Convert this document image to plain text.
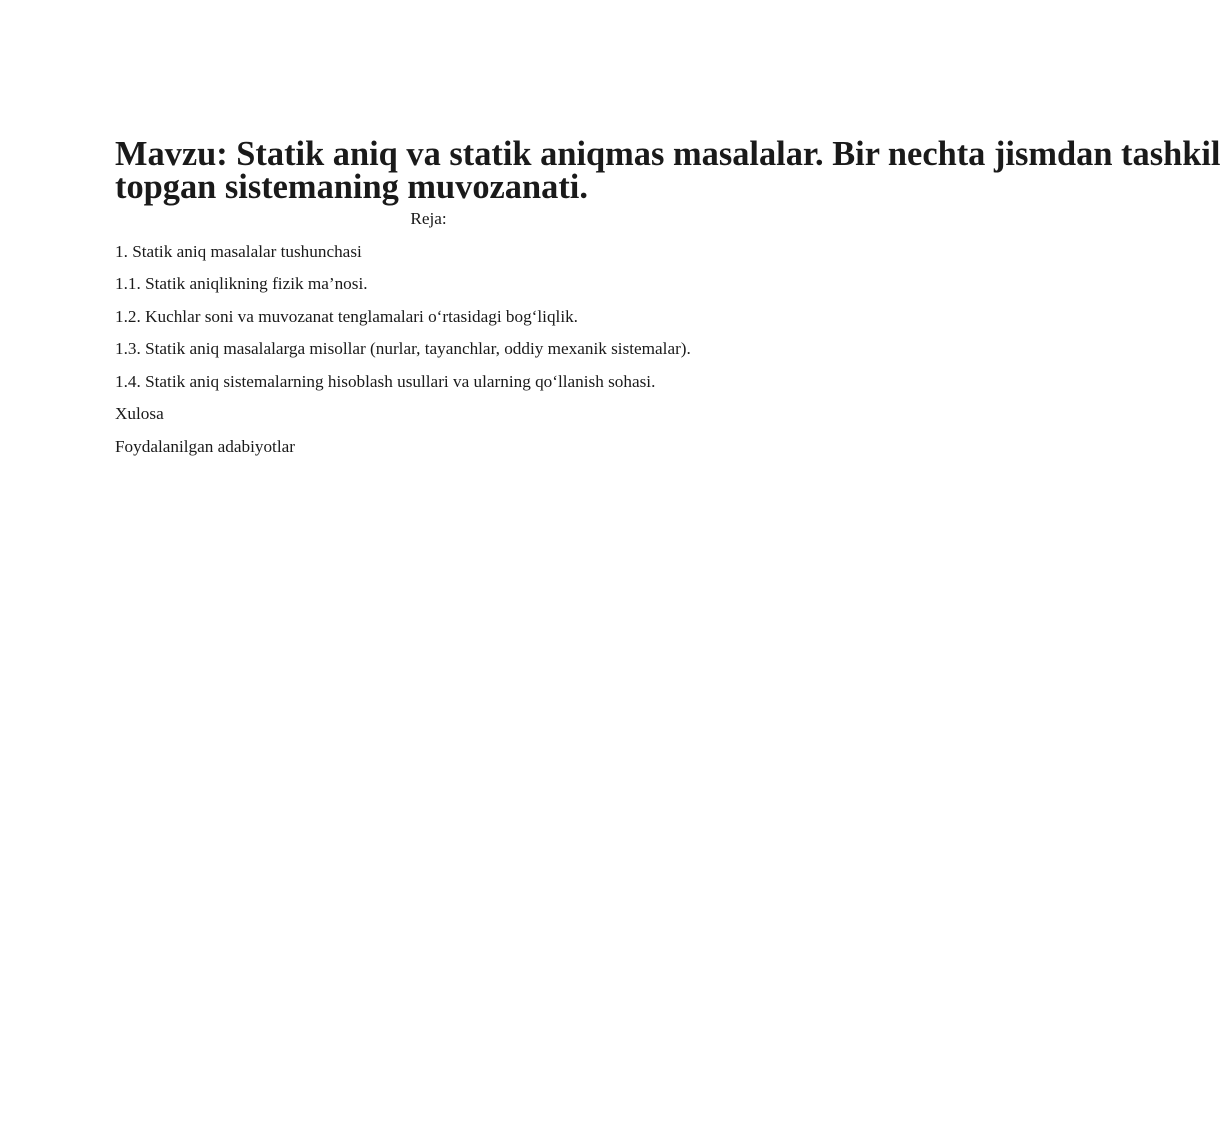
Mavzu: Statik aniq va statik aniqmas masalalar. Bir nechta jismdan tashkil
topgan sistemaning muvozanati.

Reja:

1. Statik aniq masalalar tushunchasi
1.1. Statik aniqlikning fizik ma’nosi.
1.2. Kuchlar soni va muvozanat tenglamalari o‘rtasidagi bog‘liqlik.
1.3. Statik aniq masalalarga misollar (nurlar, tayanchlar, oddiy mexanik sistemalar).
1.4. Statik aniq sistemalarning hisoblash usullari va ularning qo‘llanish sohasi.
Xulosa
Foydalanilgan adabiyotlar
